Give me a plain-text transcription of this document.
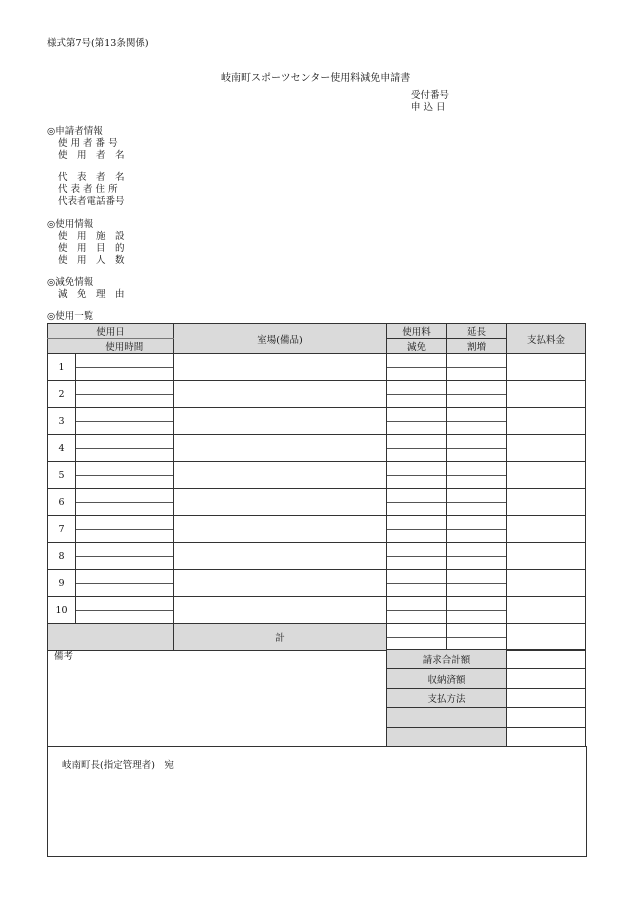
様式第7号(第13条関係)
岐南町スポーツセンター使用料減免申請書
受付番号
申 込 日
◎申請者情報
使 用 者 番 号
使　用　者　名
代　表　者　名
代 表 者 住 所
代表者電話番号
◎使用情報
使　用　施　設
使　用　目　的
使　用　人　数
◎減免情報
減　免　理　由
◎使用一覧
使用日		室場(備品)	使用料	延長	支払料金
	使用時間		減免	割増	
1	

2	

3	

4	

5	

6	

7	

8	

9	

10	

		計	

備考	請求合計額	
収納済額	
支払方法	

岐南町長(指定管理者)　宛
